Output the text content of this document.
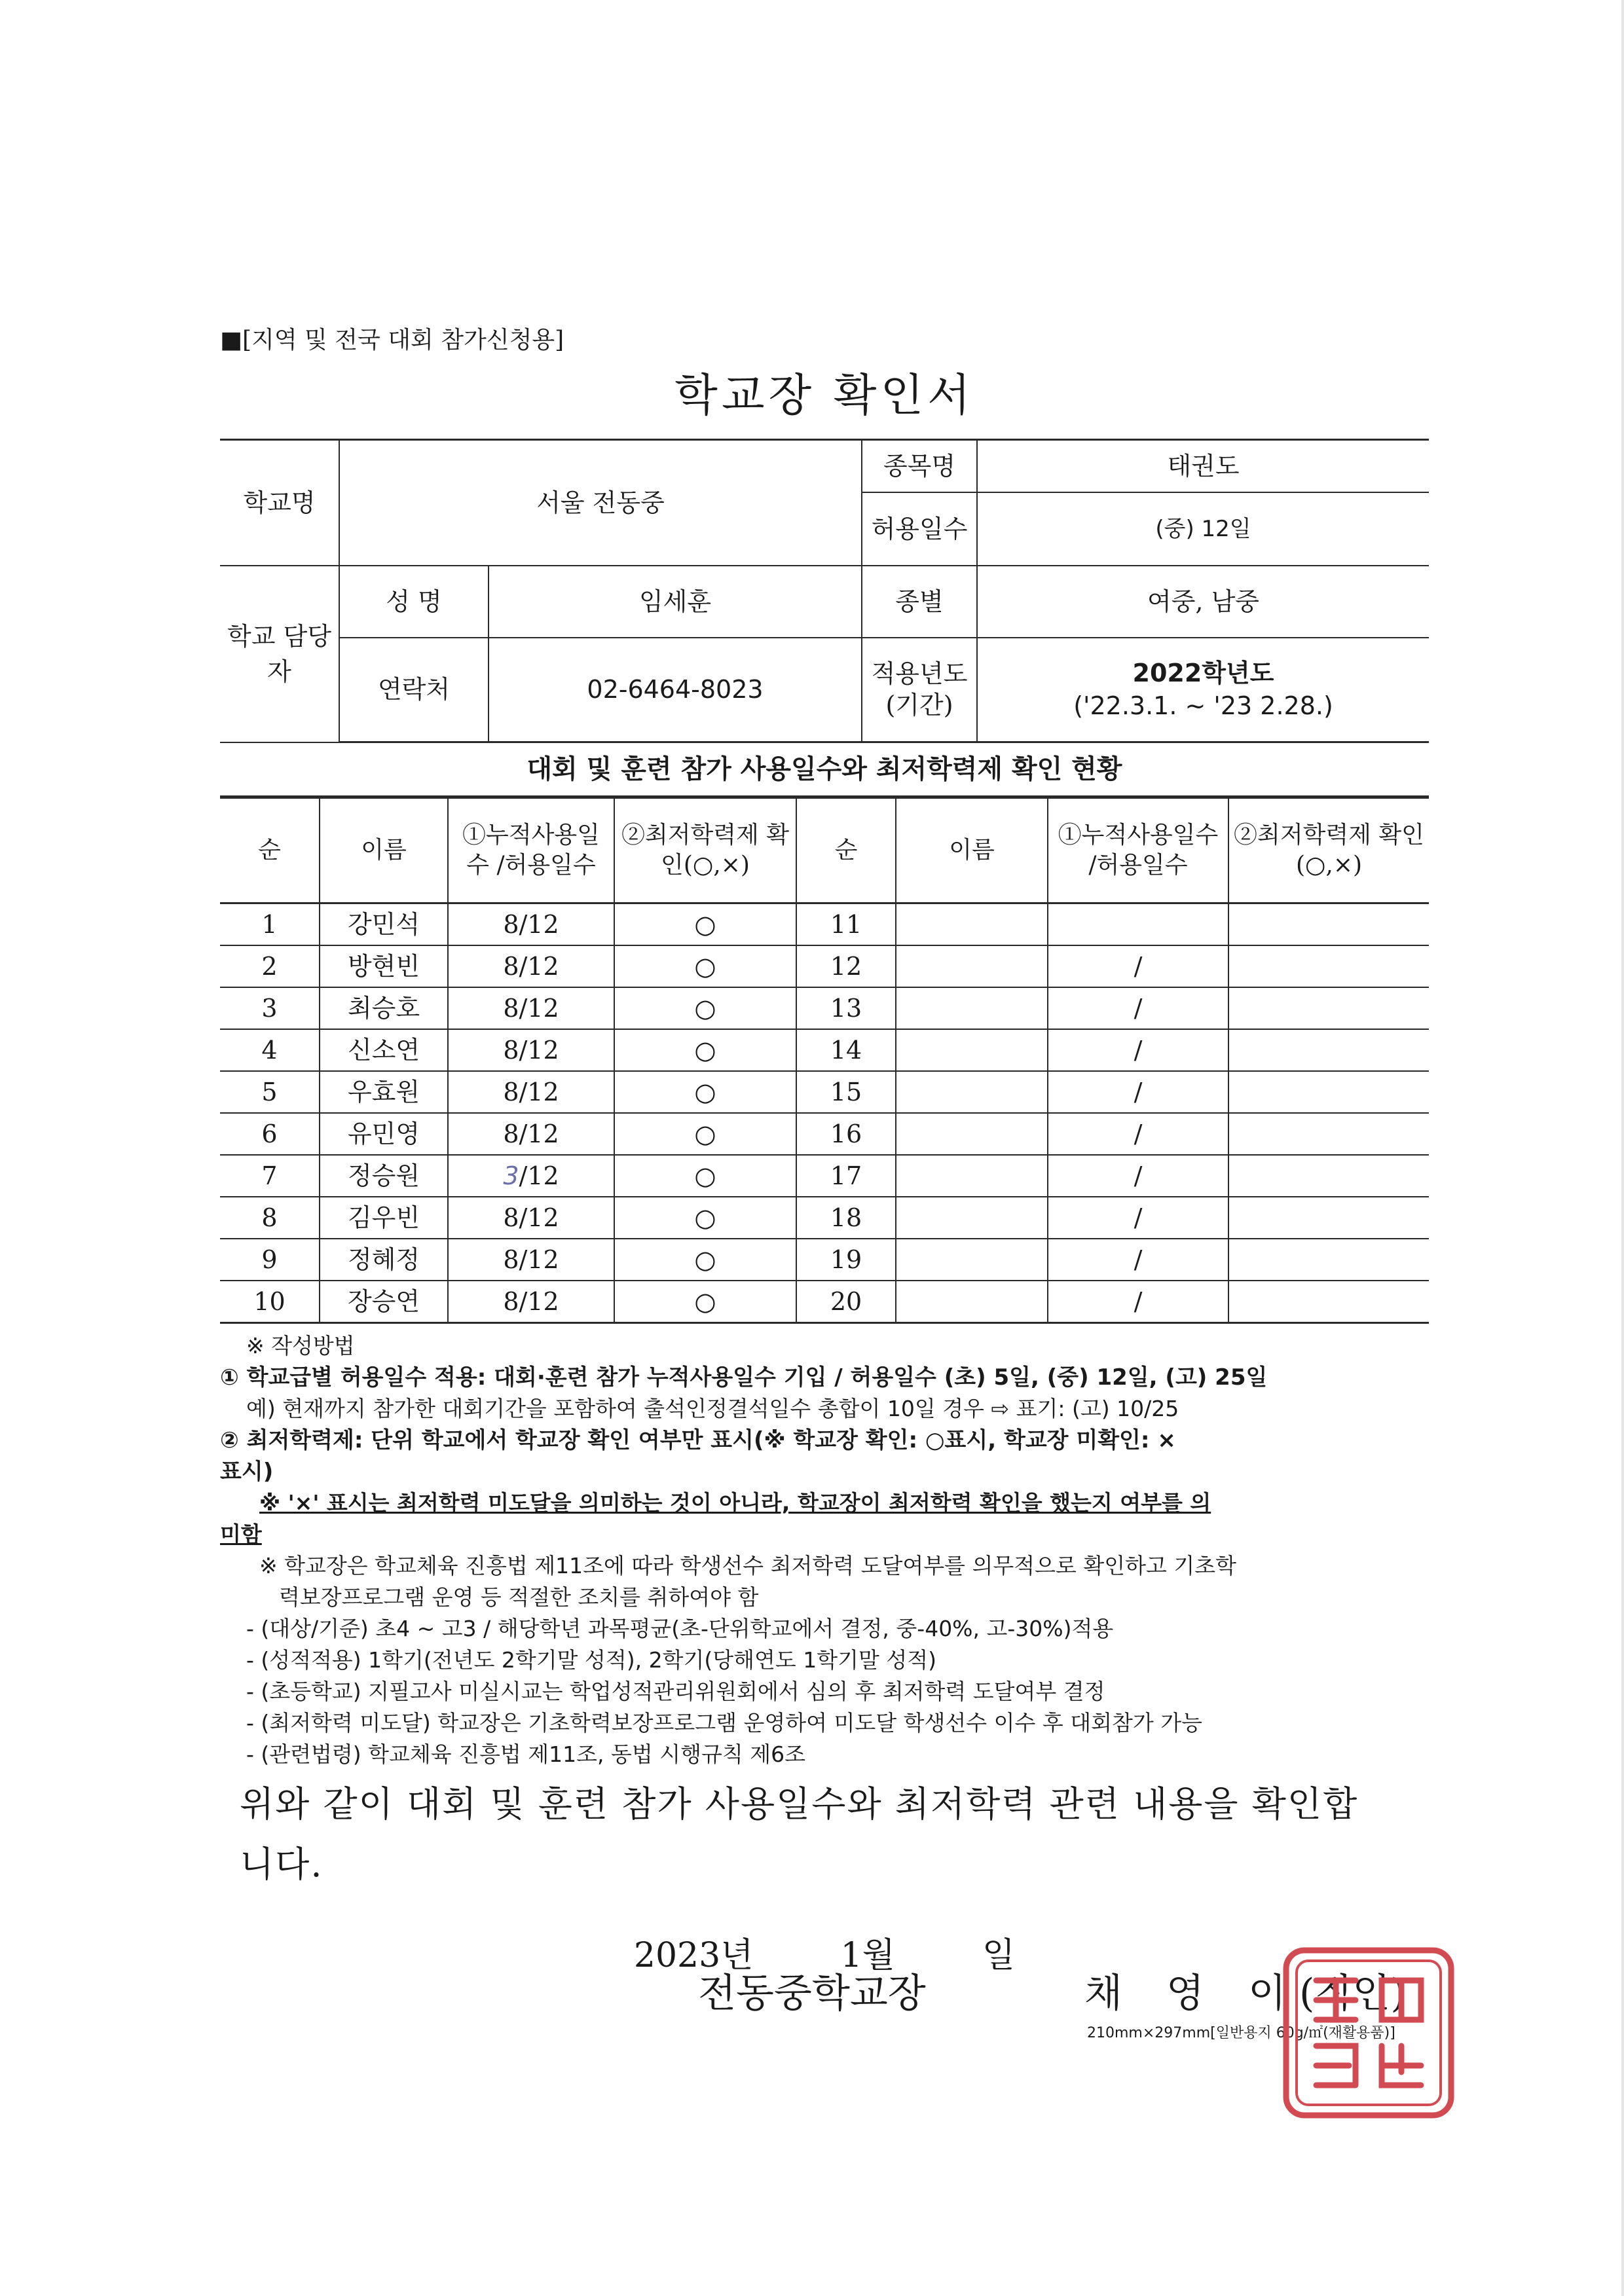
■[지역 및 전국 대회 참가신청용]
학교장 확인서
학교명	서울 전동중		종목명	태권도
			허용일수	(중) 12일
학교 담당자	성 명	임세훈	종별	여중, 남중
	연락처	02-6464-8023	적용년도 (기간)	2022학년도
('22.3.1. ~ '23 2.28.)
대회 및 훈련 참가 사용일수와 최저학력제 확인 현황
순	이름	①누적사용일수 /허용일수	②최저학력제 확인(○,×)	순	이름	①누적사용일수 /허용일수	②최저학력제 확인(○,×)
1	강민석	8/12	○	11			
2	방현빈	8/12	○	12		/	
3	최승호	8/12	○	13		/	
4	신소연	8/12	○	14		/	
5	우효원	8/12	○	15		/	
6	유민영	8/12	○	16		/	
7	정승원	3/12	○	17		/	
8	김우빈	8/12	○	18		/	
9	정혜정	8/12	○	19		/	
10	장승연	8/12	○	20		/	
※ 작성방법
① 학교급별 허용일수 적용: 대회·훈련 참가 누적사용일수 기입 / 허용일수 (초) 5일, (중) 12일, (고) 25일
예) 현재까지 참가한 대회기간을 포함하여 출석인정결석일수 총합이 10일 경우 ⇨ 표기: (고) 10/25
② 최저학력제: 단위 학교에서 학교장 확인 여부만 표시(※ 학교장 확인: ○표시, 학교장 미확인: ×
표시)
※ '×' 표시는 최저학력 미도달을 의미하는 것이 아니라, 학교장이 최저학력 확인을 했는지 여부를 의
미함
※ 학교장은 학교체육 진흥법 제11조에 따라 학생선수 최저학력 도달여부를 의무적으로 확인하고 기초학
력보장프로그램 운영 등 적절한 조치를 취하여야 함
- (대상/기준) 초4 ~ 고3 / 해당학년 과목평균(초-단위학교에서 결정, 중-40%, 고-30%)적용
- (성적적용) 1학기(전년도 2학기말 성적), 2학기(당해연도 1학기말 성적)
- (초등학교) 지필고사 미실시교는 학업성적관리위원회에서 심의 후 최저학력 도달여부 결정
- (최저학력 미도달) 학교장은 기초학력보장프로그램 운영하여 미도달 학생선수 이수 후 대회참가 가능
- (관련법령) 학교체육 진흥법 제11조, 동법 시행규칙 제6조
위와 같이 대회 및 훈련 참가 사용일수와 최저학력 관련 내용을 확인합
니다.
2023년	1월	일
전동중학교장	채 영 이
(직인)
210mm×297mm[일반용지 60g/㎡(재활용품)]
